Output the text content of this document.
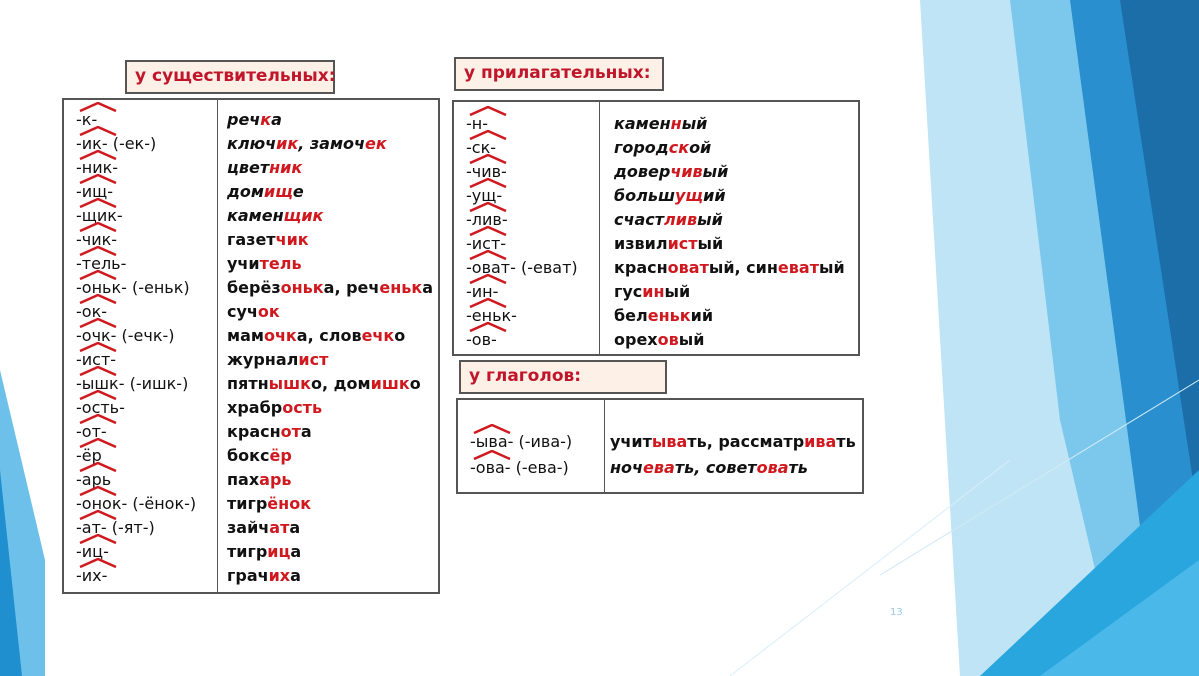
у существительных:
-к-	речка
-ик- (-ек-)	ключик, замочек
-ник-	цветник
-ищ-	домище
-щик-	каменщик
-чик-	газетчик
-тель-	учитель
-оньк- (-еньк) берёзонька, реченька
-ок-	сучок
-очк- (-ечк-)	мамочка, словечко
-ист-	журналист
-ышк- (-ишк-) пятнышко, домишко
-ость-	храбрость
-от-	краснота
-ёр	боксёр
-арь	пахарь
-онок- (-ёнок-) тигрёнок
-ат- (-ят-)	зайчата
-иц-	тигрица
-их-	грачиха
у прилагательных:
-н-	каменный
-ск-	городской
-чив-	доверчивый
-ущ-	большущий
-лив-	счастливый
-ист-	извилистый
-оват- (-еват) красноватый, синеватый
-ин-	гусиный
-еньк-	беленький
-ов-	ореховый
у глаголов:
-ыва- (-ива-) учитывать, рассматривать
-ова- (-ева-)	ночевать, советовать
13
